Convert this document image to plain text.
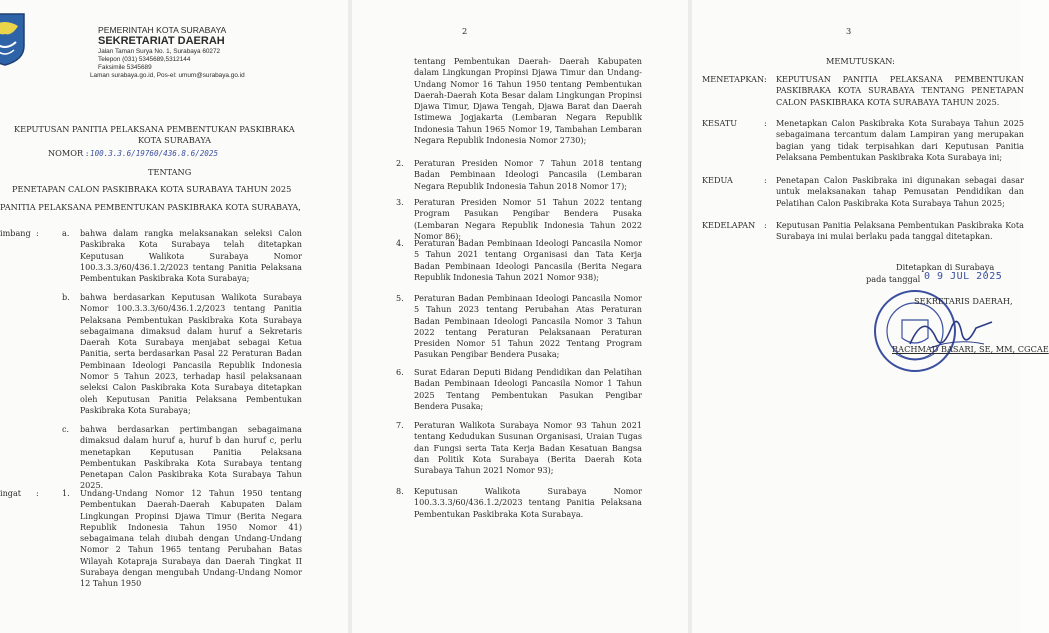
PEMERINTAH KOTA SURABAYA
SEKRETARIAT DAERAH
Jalan Taman Surya No. 1, Surabaya 60272
Telepon (031) 5345689,5312144
Faksimile 5345689
Laman surabaya.go.id, Pos-el: umum@surabaya.go.id
KEPUTUSAN PANITIA PELAKSANA PEMBENTUKAN PASKIBRAKA
KOTA SURABAYA
NOMOR : 100.3.3.6/19760/436.8.6/2025
TENTANG
PENETAPAN CALON PASKIBRAKA KOTA SURABAYA TAHUN 2025
PANITIA PELAKSANA PEMBENTUKAN PASKIBRAKA KOTA SURABAYA,
imbang :	a. bahwa dalam rangka melaksanakan seleksi Calon Paskibraka Kota Surabaya telah ditetapkan Keputusan Walikota Surabaya Nomor 100.3.3.3/60/436.1.2/2023 tentang Panitia Pelaksana Pembentukan Paskibraka Kota Surabaya;
b. bahwa berdasarkan Keputusan Walikota Surabaya Nomor 100.3.3.3/60/436.1.2/2023 tentang Panitia Pelaksana Pembentukan Paskibraka Kota Surabaya sebagaimana dimaksud dalam huruf a Sekretaris Daerah Kota Surabaya menjabat sebagai Ketua Panitia, serta berdasarkan Pasal 22 Peraturan Badan Pembinaan Ideologi Pancasila Republik Indonesia Nomor 5 Tahun 2023, terhadap hasil pelaksanaan seleksi Calon Paskibraka Kota Surabaya ditetapkan oleh Keputusan Panitia Pelaksana Pembentukan Paskibraka Kota Surabaya;
c. bahwa berdasarkan pertimbangan sebagaimana dimaksud dalam huruf a, huruf b dan huruf c, perlu menetapkan Keputusan Panitia Pelaksana Pembentukan Paskibraka Kota Surabaya tentang Penetapan Calon Paskibraka Kota Surabaya Tahun 2025.
ingat :	1. Undang-Undang Nomor 12 Tahun 1950 tentang Pembentukan Daerah-Daerah Kabupaten Dalam Lingkungan Propinsi Djawa Timur (Berita Negara Republik Indonesia Tahun 1950 Nomor 41) sebagaimana telah diubah dengan Undang-Undang Nomor 2 Tahun 1965 tentang Perubahan Batas Wilayah Kotapraja Surabaya dan Daerah Tingkat II Surabaya dengan mengubah Undang-Undang Nomor 12 Tahun 1950
2
tentang Pembentukan Daerah- Daerah Kabupaten dalam Lingkungan Propinsi Djawa Timur dan Undang-Undang Nomor 16 Tahun 1950 tentang Pembentukan Daerah-Daerah Kota Besar dalam Lingkungan Propinsi Djawa Timur, Djawa Tengah, Djawa Barat dan Daerah Istimewa Jogjakarta (Lembaran Negara Republik Indonesia Tahun 1965 Nomor 19, Tambahan Lembaran Negara Republik Indonesia Nomor 2730);
2. Peraturan Presiden Nomor 7 Tahun 2018 tentang Badan Pembinaan Ideologi Pancasila (Lembaran Negara Republik Indonesia Tahun 2018 Nomor 17);
3. Peraturan Presiden Nomor 51 Tahun 2022 tentang Program Pasukan Pengibar Bendera Pusaka (Lembaran Negara Republik Indonesia Tahun 2022 Nomor 86);
4. Peraturan Badan Pembinaan Ideologi Pancasila Nomor 5 Tahun 2021 tentang Organisasi dan Tata Kerja Badan Pembinaan Ideologi Pancasila (Berita Negara Republik Indonesia Tahun 2021 Nomor 938);
5. Peraturan Badan Pembinaan Ideologi Pancasila Nomor 5 Tahun 2023 tentang Perubahan Atas Peraturan Badan Pembinaan Ideologi Pancasila Nomor 3 Tahun 2022 tentang Peraturan Pelaksanaan Peraturan Presiden Nomor 51 Tahun 2022 Tentang Program Pasukan Pengibar Bendera Pusaka;
6. Surat Edaran Deputi Bidang Pendidikan dan Pelatihan Badan Pembinaan Ideologi Pancasila Nomor 1 Tahun 2025 Tentang Pembentukan Pasukan Pengibar Bendera Pusaka;
7. Peraturan Walikota Surabaya Nomor 93 Tahun 2021 tentang Kedudukan Susunan Organisasi, Uraian Tugas dan Fungsi serta Tata Kerja Badan Kesatuan Bangsa dan Politik Kota Surabaya (Berita Daerah Kota Surabaya Tahun 2021 Nomor 93);
8. Keputusan Walikota Surabaya Nomor 100.3.3.3/60/436.1.2/2023 tentang Panitia Pelaksana Pembentukan Paskibraka Kota Surabaya.
3
MEMUTUSKAN:
MENETAPKAN : KEPUTUSAN PANITIA PELAKSANA PEMBENTUKAN PASKIBRAKA KOTA SURABAYA TENTANG PENETAPAN CALON PASKIBRAKA KOTA SURABAYA TAHUN 2025.
KESATU	: Menetapkan Calon Paskibraka Kota Surabaya Tahun 2025 sebagaimana tercantum dalam Lampiran yang merupakan bagian yang tidak terpisahkan dari Keputusan Panitia Pelaksana Pembentukan Paskibraka Kota Surabaya ini;
KEDUA	: Penetapan Calon Paskibraka ini digunakan sebagai dasar untuk melaksanakan tahap Pemusatan Pendidikan dan Pelatihan Calon Paskibraka Kota Surabaya Tahun 2025;
KEDELAPAN : Keputusan Panitia Pelaksana Pembentukan Paskibraka Kota Surabaya ini mulai berlaku pada tanggal ditetapkan.
Ditetapkan di Surabaya
pada tanggal 0 9 JUL 2025
SEKRETARIS DAERAH,
RACHMAD BASARI, SE, MM, CGCAE
